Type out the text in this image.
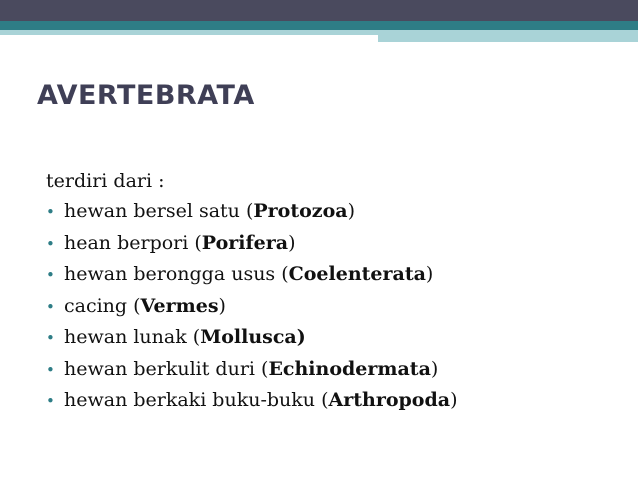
AVERTEBRATA

terdiri dari :

• hewan bersel satu (Protozoa)
• hean berpori (Porifera)
• hewan berongga usus (Coelenterata)
• cacing (Vermes)
• hewan lunak (Mollusca)
• hewan berkulit duri (Echinodermata)
• hewan berkaki buku-buku (Arthropoda)
